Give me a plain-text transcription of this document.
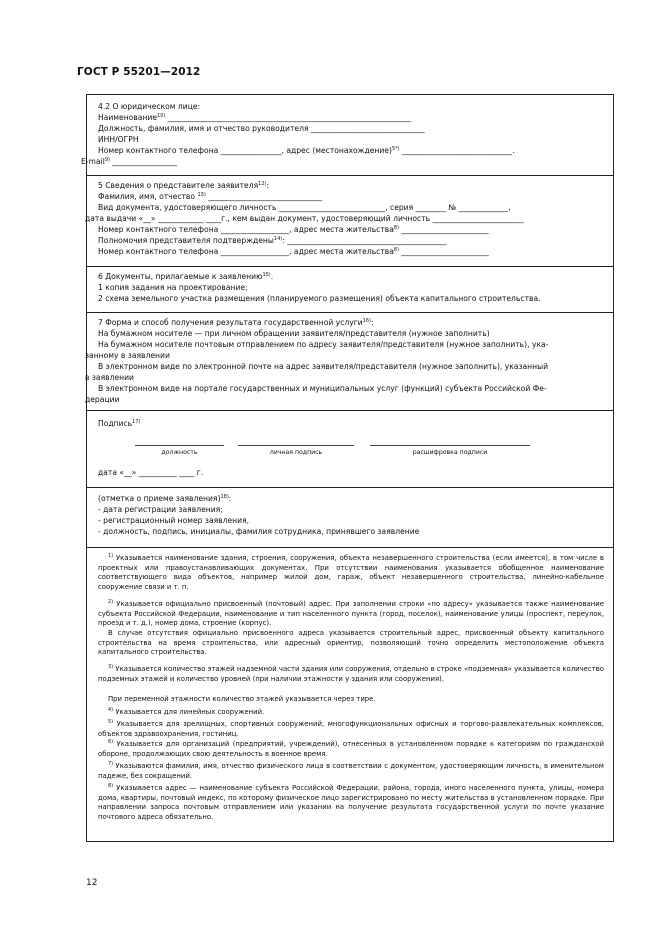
ГОСТ Р 55201—2012
4.2 О юридическом лице:
Наименование$^{10)}$ ________________________________________________________________
Должность, фамилия, имя и отчество руководителя ______________________________
ИНН/ОГРН
Номер контактного телефона ________________, адрес (местонахождение)$^{5*)}$ _____________________________.
E-mail$^{9)}$ _________________
5 Сведения о представителе заявителя$^{12)}$:
Фамилия, имя, отчество $^{13)}$ ______________________________
Вид документа, удостоверяющего личность ____________________________, серия ________ № _____________,
дата выдачи «__» ____________ ____г., кем выдан документ, удостоверяющий личность ________________________
Номер контактного телефона __________________, адрес места жительства$^{8)}$ _______________________
Полномочия представителя подтверждены$^{14)}$: __________________________________________
Номер контактного телефона __________________, адрес места жительства$^{8)}$ _______________________
6 Документы, прилагаемые к заявлению$^{15)}$.
1 копия задания на проектирование;
2 схема земельного участка размещения (планируемого размещения) объекта капитального строительства.
7 Форма и способ получения результата государственной услуги$^{16)}$:
На бумажном носителе — при личном обращении заявителя/представителя (нужное заполнить)
На бумажном носителе почтовым отправлением по адресу заявителя/представителя (нужное заполнить), ука-
занному в заявлении
В электронном виде по электронной почте на адрес заявителя/представителя (нужное заполнить), указанный
в заявлении
В электронном виде на портале государственных и муниципальных услуг (функций) субъекта Российской Фе-
дерации
Подпись$^{17)}$
должность	личная подпись	расшифровка подписи
дата «__» __________ ____ г.
(отметка о приеме заявления)$^{18)}$:
- дата регистрации заявления;
- регистрационный номер заявления,
- должность, подпись, инициалы, фамилия сотрудника, принявшего заявление
$^{1)}$ Указывается наименование здания, строения, сооружения, объекта незавершенного строительства (если имеется), в том числе в проектных или правоустанавливающих документах. При отсутствии наименования указывается обобщенное наименование соответствующего вида объектов, например жилой дом, гараж, объект незавершенного строительства, линейно-кабельное сооружение связи и т. п.
$^{2)}$ Указывается официально присвоенный (почтовый) адрес. При заполнении строки «по адресу» указывается также наименование субъекта Российской Федерации, наименование и тип населенного пункта (город, поселок), наименование улицы (проспект, переулок, проезд и т. д.), номер дома, строение (корпус).
В случае отсутствия официально присвоенного адреса указывается строительный адрес, присвоенный объекту капитального строительства на время строительства, или адресный ориентир, позволяющий точно определить местоположение объекта капитального строительства.
$^{3)}$ Указывается количество этажей надземной части здания или сооружения, отдельно в строке «подземная» указывается количество подземных этажей и количество уровней (при наличии этажности у здания или сооружения).
При переменной этажности количество этажей указывается через тире.
$^{4)}$ Указывается для линейных сооружений.
$^{5)}$ Указывается для зрелищных, спортивных сооружений, многофункциональных офисных и торгово-развлекательных комплексов, объектов здравоохранения, гостиниц.
$^{6)}$ Указывается для организаций (предприятий, учреждений), отнесенных в установленном порядке к категориям по гражданской обороне, продолжающих свою деятельность в военное время.
$^{7)}$ Указываются фамилия, имя, отчество физического лица в соответствии с документом, удостоверяющим личность, в именительном падеже, без сокращений.
$^{8)}$ Указывается адрес — наименование субъекта Российской Федерации, района, города, иного населенного пункта, улицы, номера дома, квартиры, почтовый индекс, по которому физическое лицо зарегистрировано по месту жительства в установленном порядке. При направлении запроса почтовым отправлением или указании на получение результата государственной услуги по почте указание почтового адреса обязательно.
12
